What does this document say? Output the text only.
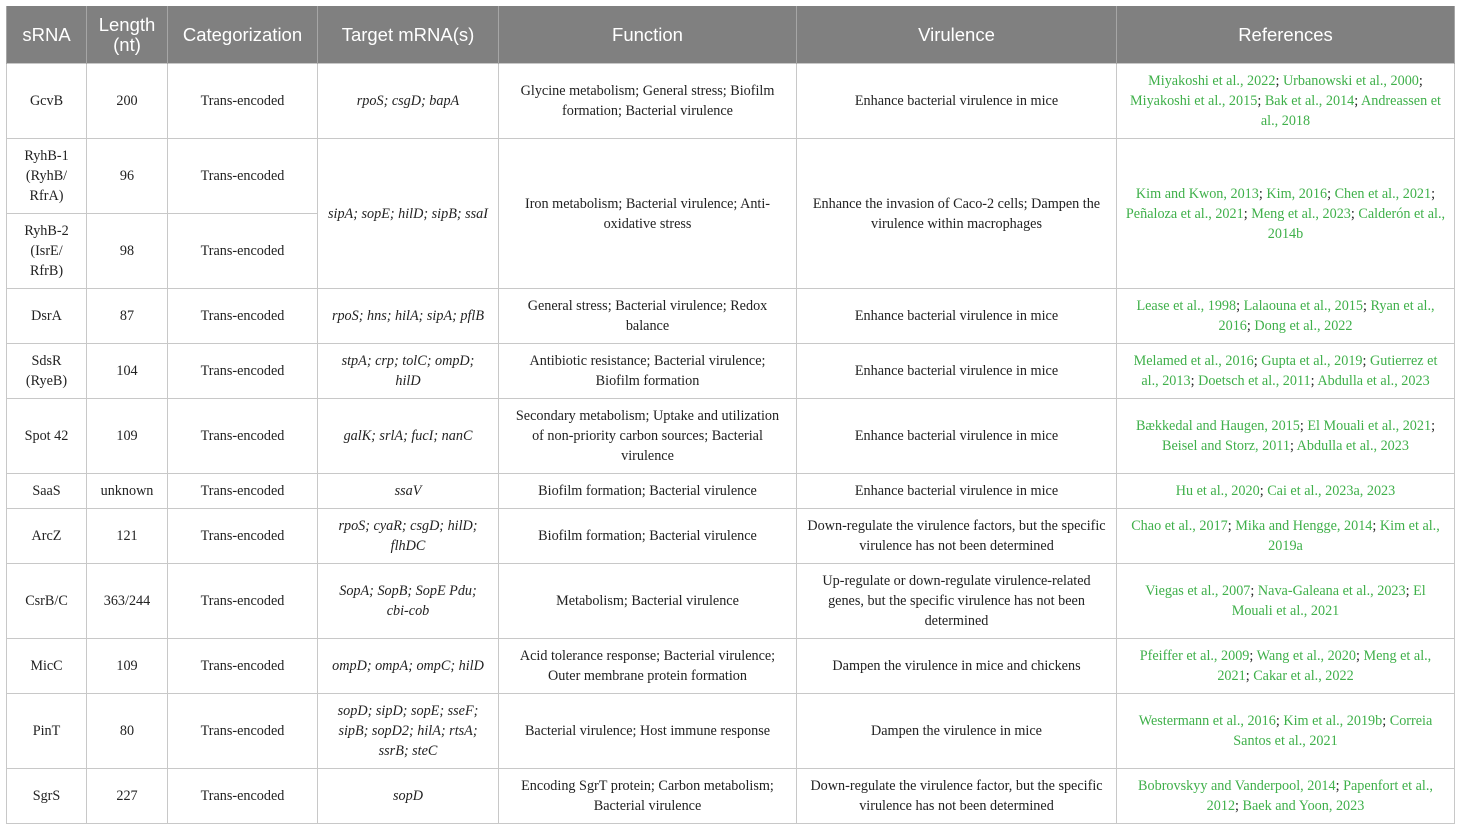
sRNA	Length (nt)	Categorization	Target mRNA(s)	Function	Virulence	References

GcvB	200	Trans-encoded	rpoS; csgD; bapA	Glycine metabolism; General stress; Biofilm formation; Bacterial virulence	Enhance bacterial virulence in mice	Miyakoshi et al., 2022; Urbanowski et al., 2000; Miyakoshi et al., 2015; Bak et al., 2014; Andreassen et al., 2018

RyhB-1 (RyhB/ RfrA)	96	Trans-encoded	sipA; sopE; hilD; sipB; ssaI	Iron metabolism; Bacterial virulence; Anti-oxidative stress	Enhance the invasion of Caco-2 cells; Dampen the virulence within macrophages	Kim and Kwon, 2013; Kim, 2016; Chen et al., 2021; Peñaloza et al., 2021; Meng et al., 2023; Calderón et al., 2014b

RyhB-2 (IsrE/ RfrB)	98	Trans-encoded				

DsrA	87	Trans-encoded	rpoS; hns; hilA; sipA; pflB	General stress; Bacterial virulence; Redox balance	Enhance bacterial virulence in mice	Lease et al., 1998; Lalaouna et al., 2015; Ryan et al., 2016; Dong et al., 2022

SdsR (RyeB)	104	Trans-encoded	stpA; crp; tolC; ompD; hilD	Antibiotic resistance; Bacterial virulence; Biofilm formation	Enhance bacterial virulence in mice	Melamed et al., 2016; Gupta et al., 2019; Gutierrez et al., 2013; Doetsch et al., 2011; Abdulla et al., 2023

Spot 42	109	Trans-encoded	galK; srlA; fucI; nanC	Secondary metabolism; Uptake and utilization of non-priority carbon sources; Bacterial virulence	Enhance bacterial virulence in mice	Bækkedal and Haugen, 2015; El Mouali et al., 2021; Beisel and Storz, 2011; Abdulla et al., 2023

SaaS	unknown	Trans-encoded	ssaV	Biofilm formation; Bacterial virulence	Enhance bacterial virulence in mice	Hu et al., 2020; Cai et al., 2023a, 2023

ArcZ	121	Trans-encoded	rpoS; cyaR; csgD; hilD; flhDC	Biofilm formation; Bacterial virulence	Down-regulate the virulence factors, but the specific virulence has not been determined	Chao et al., 2017; Mika and Hengge, 2014; Kim et al., 2019a

CsrB/C	363/244	Trans-encoded	SopA; SopB; SopE Pdu; cbi-cob	Metabolism; Bacterial virulence	Up-regulate or down-regulate virulence-related genes, but the specific virulence has not been determined	Viegas et al., 2007; Nava-Galeana et al., 2023; El Mouali et al., 2021

MicC	109	Trans-encoded	ompD; ompA; ompC; hilD	Acid tolerance response; Bacterial virulence; Outer membrane protein formation	Dampen the virulence in mice and chickens	Pfeiffer et al., 2009; Wang et al., 2020; Meng et al., 2021; Cakar et al., 2022

PinT	80	Trans-encoded	sopD; sipD; sopE; sseF; sipB; sopD2; hilA; rtsA; ssrB; steC	Bacterial virulence; Host immune response	Dampen the virulence in mice	Westermann et al., 2016; Kim et al., 2019b; Correia Santos et al., 2021

SgrS	227	Trans-encoded	sopD	Encoding SgrT protein; Carbon metabolism; Bacterial virulence	Down-regulate the virulence factor, but the specific virulence has not been determined	Bobrovskyy and Vanderpool, 2014; Papenfort et al., 2012; Baek and Yoon, 2023
